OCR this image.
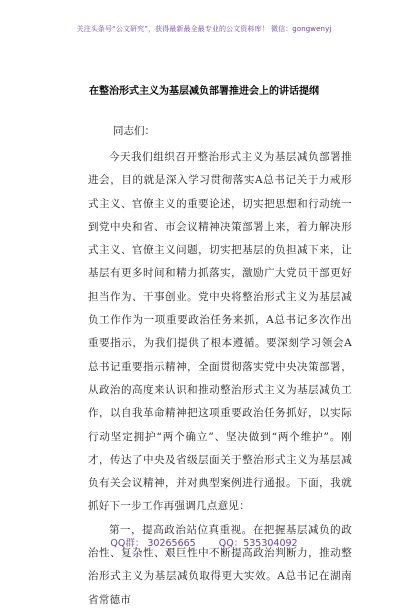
关注头条号“公文研究”，获得最新最全最专业的公文资料库！ 微信：gongwenyj
在整治形式主义为基层减负部署推进会上的讲话提纲
同志们：

今天我们组织召开整治形式主义为基层减负部署推进会，目的就是深入学习贯彻落实A总书记关于力戒形式主义、官僚主义的重要论述，切实把思想和行动统一到党中央和省、市会议精神决策部署上来，着力解决形式主义、官僚主义问题，切实把基层的负担减下来，让基层有更多时间和精力抓落实，激励广大党员干部更好担当作为、干事创业。党中央将整治形式主义为基层减负工作作为一项重要政治任务来抓，A总书记多次作出重要指示，为我们提供了根本遵循。要深刻学习领会A总书记重要指示精神，全面贯彻落实党中央决策部署，从政治的高度来认识和推动整治形式主义为基层减负工作，以自我革命精神把这项重要政治任务抓好，以实际行动坚定拥护“两个确立”、坚决做到“两个维护”。刚才，传达了中央及省级层面关于整治形式主义为基层减负有关会议精神，并对典型案例进行通报。下面，我就抓好下一步工作再强调几点意见：

第一，提高政治站位真重视。在把握基层减负的政治性、复杂性、艰巨性中不断提高政治判断力，推动整治形式主义为基层减负取得更大实效。A总书记在湖南省常德市

QQ群： 30265665 QQ：535304092
